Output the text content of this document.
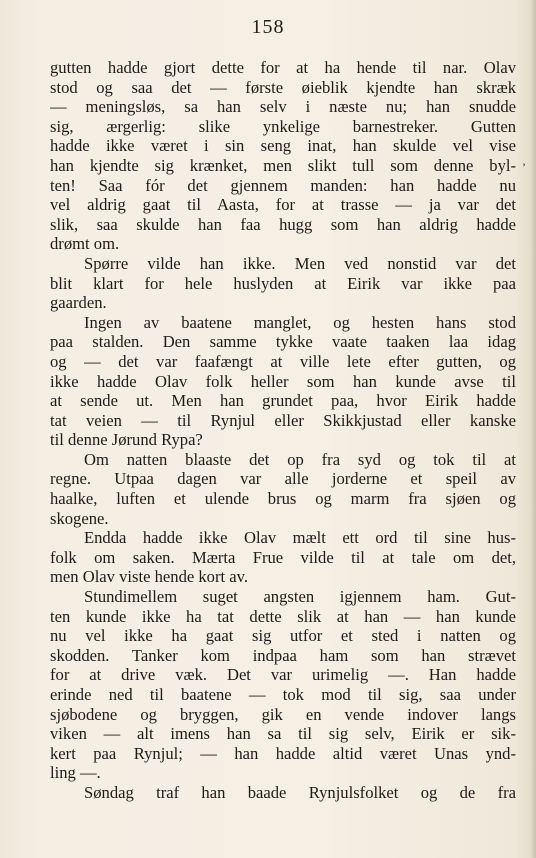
158
’
gutten hadde gjort dette for at ha hende til nar. Olav
stod og saa det — første øieblik kjendte han skræk
— meningsløs, sa han selv i næste nu; han snudde
sig, ærgerlig: slike ynkelige barnestreker. Gutten
hadde ikke været i sin seng inat, han skulde vel vise
han kjendte sig krænket, men slikt tull som denne byl-
ten! Saa fór det gjennem manden: han hadde nu
vel aldrig gaat til Aasta, for at trasse — ja var det
slik, saa skulde han faa hugg som han aldrig hadde
drømt om.
Spørre vilde han ikke. Men ved nonstid var det
blit klart for hele huslyden at Eirik var ikke paa
gaarden.
Ingen av baatene manglet, og hesten hans stod
paa stalden. Den samme tykke vaate taaken laa idag
og — det var faafængt at ville lete efter gutten, og
ikke hadde Olav folk heller som han kunde avse til
at sende ut. Men han grundet paa, hvor Eirik hadde
tat veien — til Rynjul eller Skikkjustad eller kanske
til denne Jørund Rypa?
Om natten blaaste det op fra syd og tok til at
regne. Utpaa dagen var alle jorderne et speil av
haalke, luften et ulende brus og marm fra sjøen og
skogene.
Endda hadde ikke Olav mælt ett ord til sine hus-
folk om saken. Mærta Frue vilde til at tale om det,
men Olav viste hende kort av.
Stundimellem suget angsten igjennem ham. Gut-
ten kunde ikke ha tat dette slik at han — han kunde
nu vel ikke ha gaat sig utfor et sted i natten og
skodden. Tanker kom indpaa ham som han strævet
for at drive væk. Det var urimelig —. Han hadde
erinde ned til baatene — tok mod til sig, saa under
sjøbodene og bryggen, gik en vende indover langs
viken — alt imens han sa til sig selv, Eirik er sik-
kert paa Rynjul; — han hadde altid været Unas ynd-
ling —.
Søndag traf han baade Rynjulsfolket og de fra
